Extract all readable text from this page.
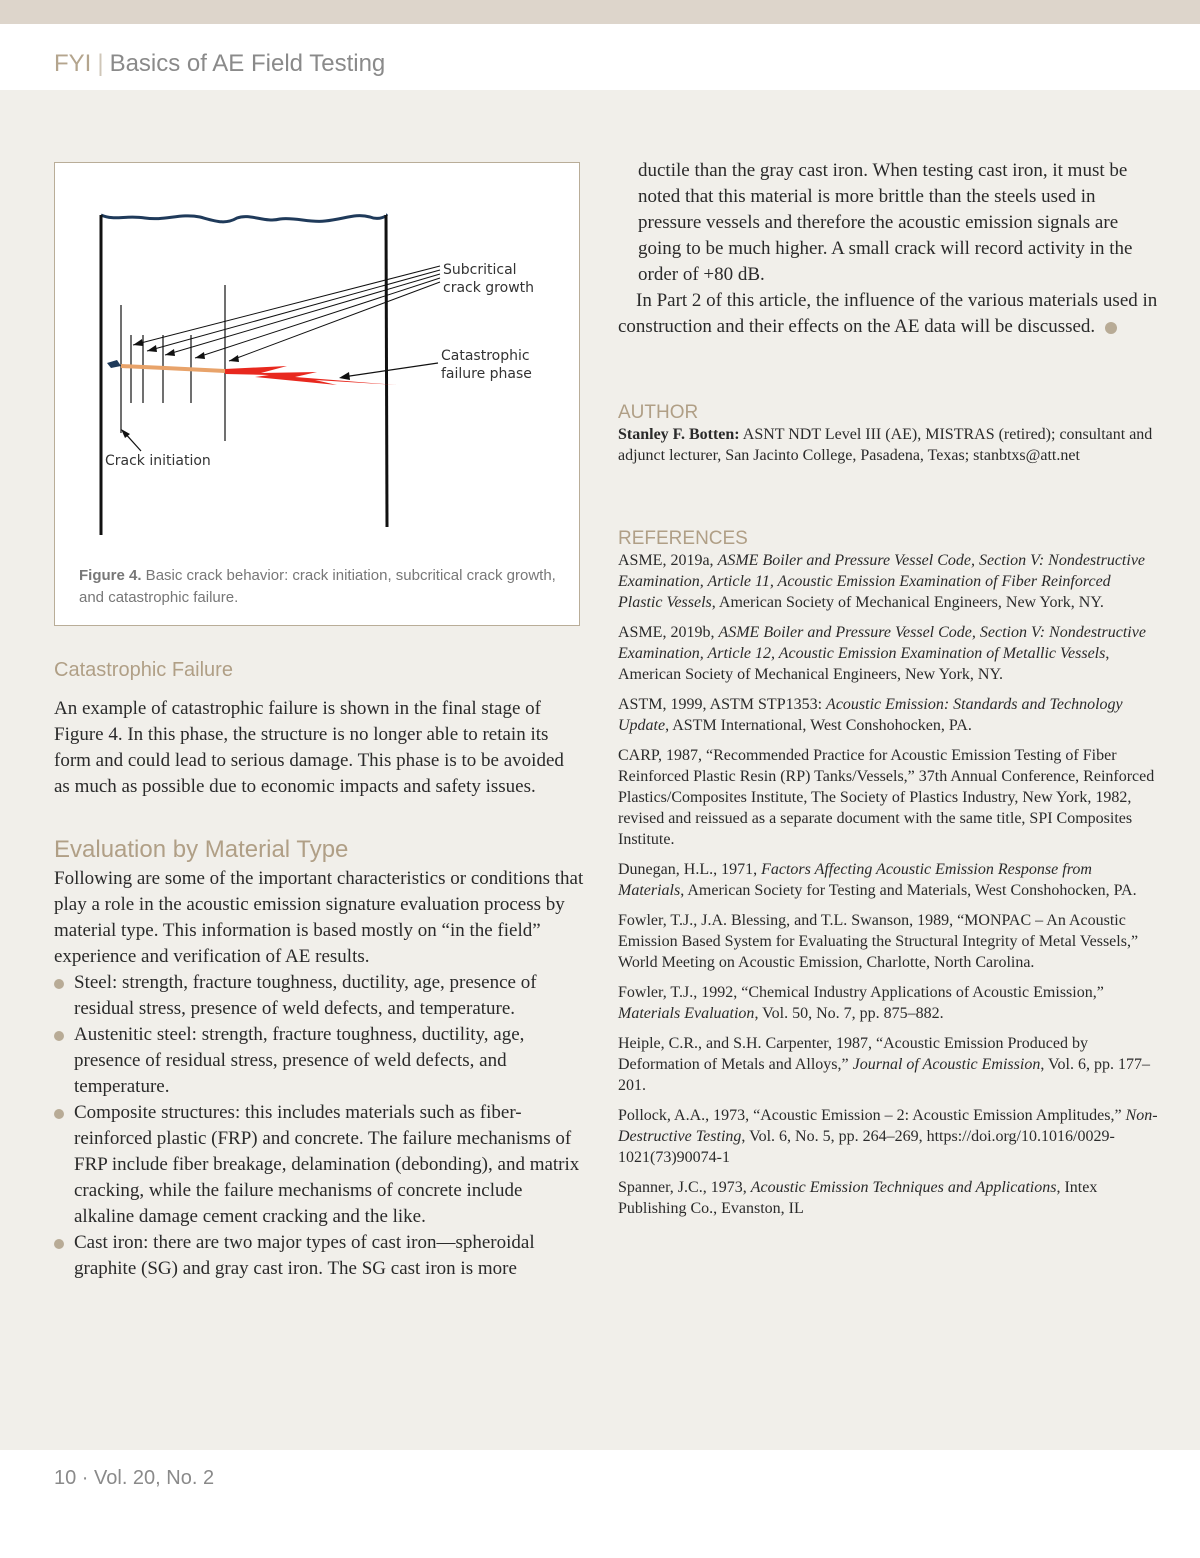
FYI | Basics of AE Field Testing
Subcritical
crack growth
Catastrophic
failure phase
Crack initiation
Figure 4. Basic crack behavior: crack initiation, subcritical crack growth, and catastrophic failure.
Catastrophic Failure

An example of catastrophic failure is shown in the final stage of Figure 4. In this phase, the structure is no longer able to retain its form and could lead to serious damage. This phase is to be avoided as much as possible due to economic impacts and safety issues.

Evaluation by Material Type

Following are some of the important characteristics or conditions that play a role in the acoustic emission signature evaluation process by material type. This information is based mostly on “in the field” experience and verification of AE results.

Steel: strength, fracture toughness, ductility, age, presence of residual stress, presence of weld defects, and temperature.
Austenitic steel: strength, fracture toughness, ductility, age, presence of residual stress, presence of weld defects, and temperature.
Composite structures: this includes materials such as fiber-reinforced plastic (FRP) and concrete. The failure mechanisms of FRP include fiber breakage, delamination (debonding), and matrix cracking, while the failure mechanisms of concrete include alkaline damage cement cracking and the like.
Cast iron: there are two major types of cast iron—spheroidal graphite (SG) and gray cast iron. The SG cast iron is more

ductile than the gray cast iron. When testing cast iron, it must be noted that this material is more brittle than the steels used in pressure vessels and therefore the acoustic emission signals are going to be much higher. A small crack will record activity in the order of +80 dB.

In Part 2 of this article, the influence of the various materials used in construction and their effects on the AE data will be discussed.

AUTHOR
Stanley F. Botten: ASNT NDT Level III (AE), MISTRAS (retired); consultant and adjunct lecturer, San Jacinto College, Pasadena, Texas; stanbtxs@att.net
REFERENCES

ASME, 2019a, ASME Boiler and Pressure Vessel Code, Section V: Nondestructive Examination, Article 11, Acoustic Emission Examination of Fiber Reinforced Plastic Vessels, American Society of Mechanical Engineers, New York, NY.

ASME, 2019b, ASME Boiler and Pressure Vessel Code, Section V: Nondestructive Examination, Article 12, Acoustic Emission Examination of Metallic Vessels, American Society of Mechanical Engineers, New York, NY.

ASTM, 1999, ASTM STP1353: Acoustic Emission: Standards and Technology Update, ASTM International, West Conshohocken, PA.

CARP, 1987, “Recommended Practice for Acoustic Emission Testing of Fiber Reinforced Plastic Resin (RP) Tanks/Vessels,” 37th Annual Conference, Reinforced Plastics/Composites Institute, The Society of Plastics Industry, New York, 1982, revised and reissued as a separate document with the same title, SPI Composites Institute.

Dunegan, H.L., 1971, Factors Affecting Acoustic Emission Response from Materials, American Society for Testing and Materials, West Conshohocken, PA.

Fowler, T.J., J.A. Blessing, and T.L. Swanson, 1989, “MONPAC – An Acoustic Emission Based System for Evaluating the Structural Integrity of Metal Vessels,” World Meeting on Acoustic Emission, Charlotte, North Carolina.

Fowler, T.J., 1992, “Chemical Industry Applications of Acoustic Emission,” Materials Evaluation, Vol. 50, No. 7, pp. 875–882.

Heiple, C.R., and S.H. Carpenter, 1987, “Acoustic Emission Produced by Deformation of Metals and Alloys,” Journal of Acoustic Emission, Vol. 6, pp. 177–201.

Pollock, A.A., 1973, “Acoustic Emission – 2: Acoustic Emission Amplitudes,” Non-Destructive Testing, Vol. 6, No. 5, pp. 264–269, https://doi.org/10.1016/0029-1021(73)90074-1

Spanner, J.C., 1973, Acoustic Emission Techniques and Applications, Intex Publishing Co., Evanston, IL

10 · Vol. 20, No. 2
